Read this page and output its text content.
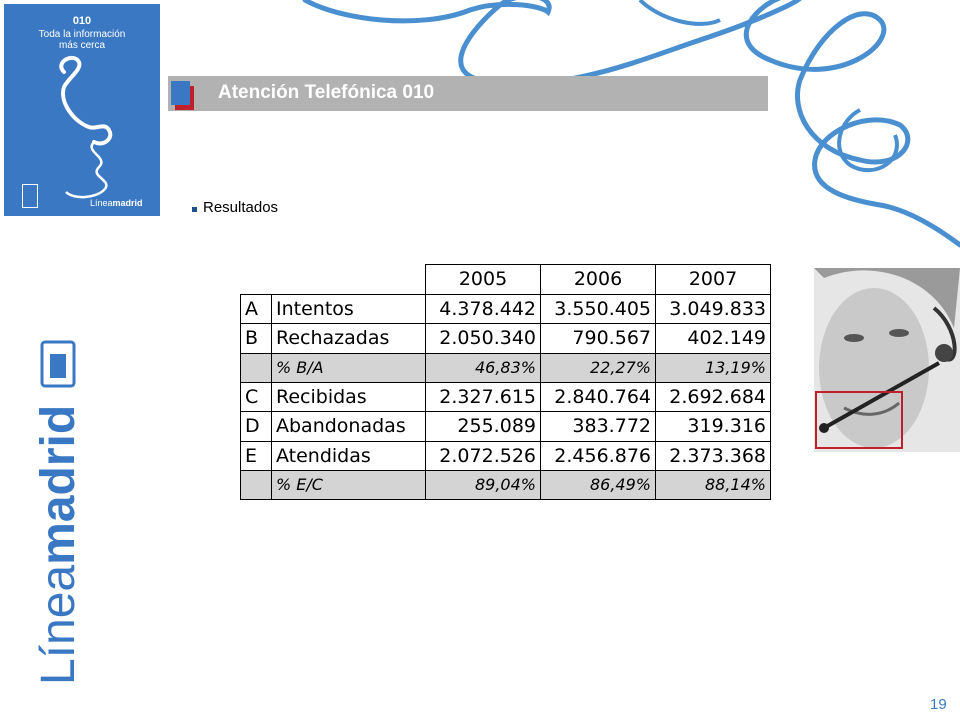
010
Toda la información
más cerca
Líneamadrid
Atención Telefónica 010
Resultados
Líneamadrid
		2005	2006	2007
A	Intentos	4.378.442	3.550.405	3.049.833
B	Rechazadas	2.050.340	790.567	402.149
	% B/A	46,83%	22,27%	13,19%
C	Recibidas	2.327.615	2.840.764	2.692.684
D	Abandonadas	255.089	383.772	319.316
E	Atendidas	2.072.526	2.456.876	2.373.368
	% E/C	89,04%	86,49%	88,14%
19
